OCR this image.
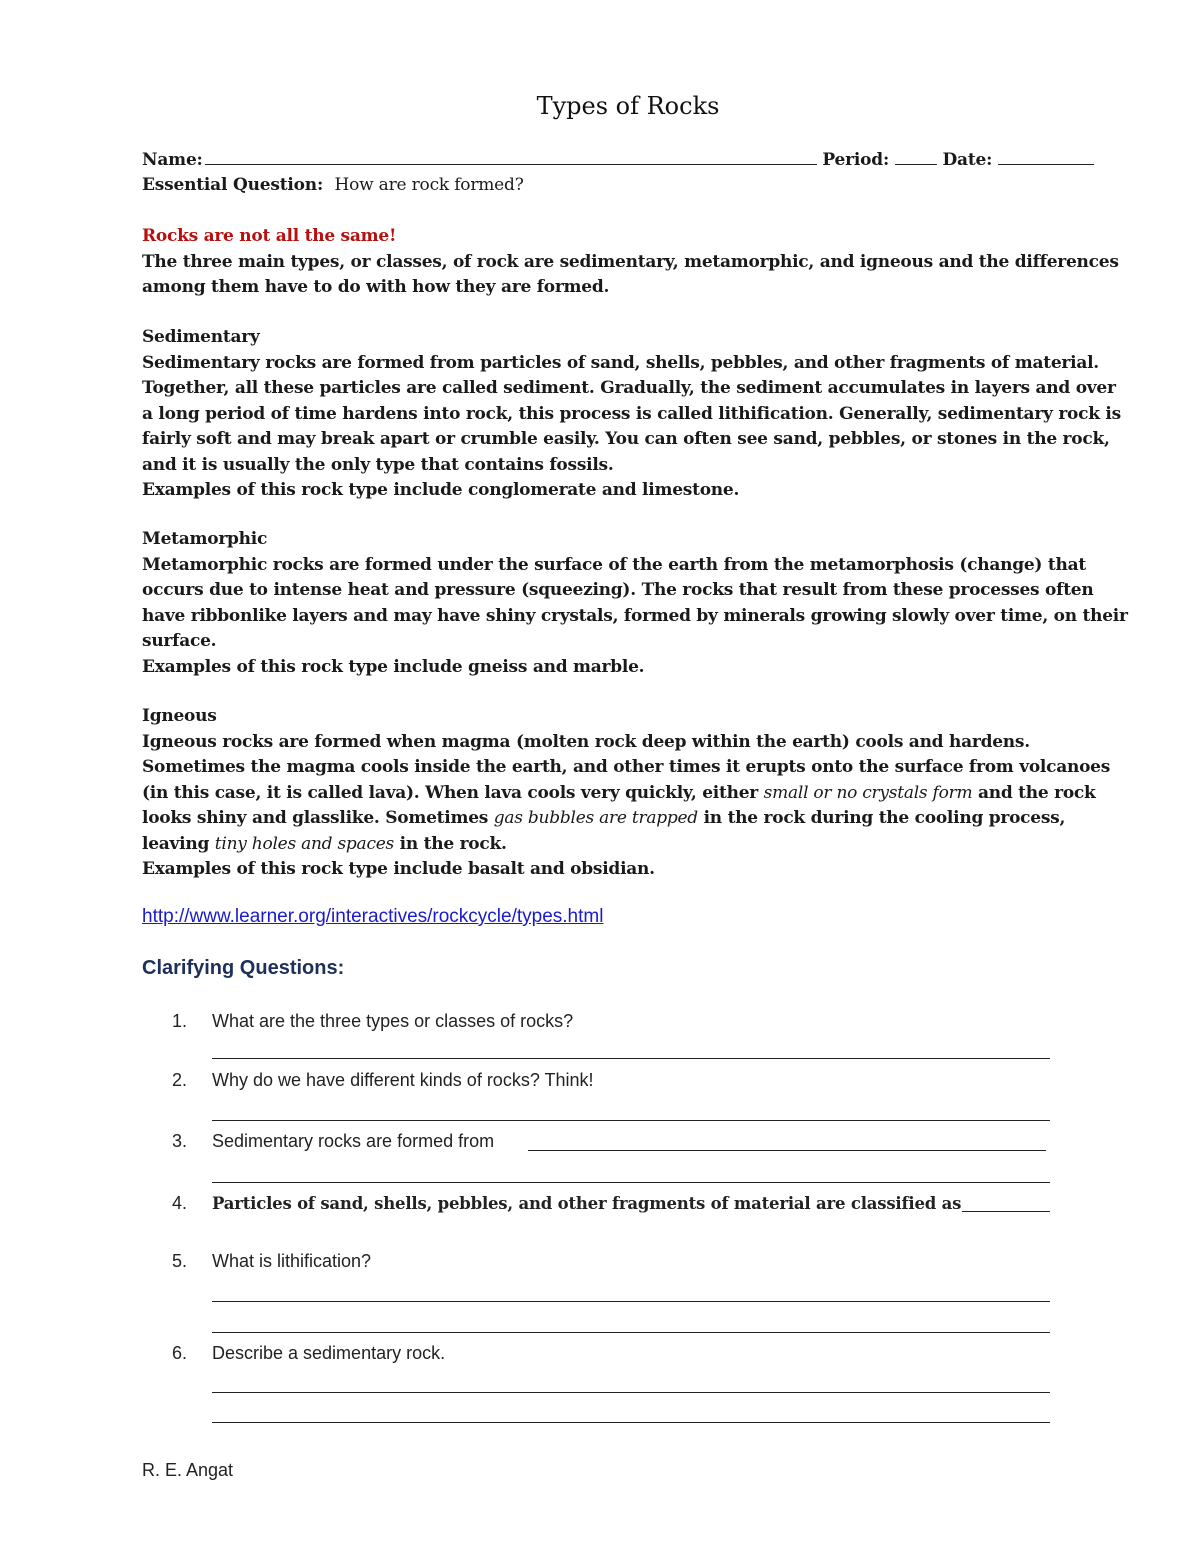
Types of Rocks
Name:	Period:	Date:
Essential Question: How are rock formed?

Rocks are not all the same!

The three main types, or classes, of rock are sedimentary, metamorphic, and igneous and the differences among them have to do with how they are formed.

Sedimentary

Sedimentary rocks are formed from particles of sand, shells, pebbles, and other fragments of material. Together, all these particles are called sediment. Gradually, the sediment accumulates in layers and over a long period of time hardens into rock, this process is called lithification. Generally, sedimentary rock is fairly soft and may break apart or crumble easily. You can often see sand, pebbles, or stones in the rock, and it is usually the only type that contains fossils.

Examples of this rock type include conglomerate and limestone.

Metamorphic

Metamorphic rocks are formed under the surface of the earth from the metamorphosis (change) that occurs due to intense heat and pressure (squeezing). The rocks that result from these processes often have ribbonlike layers and may have shiny crystals, formed by minerals growing slowly over time, on their surface.

Examples of this rock type include gneiss and marble.

Igneous

Igneous rocks are formed when magma (molten rock deep within the earth) cools and hardens. Sometimes the magma cools inside the earth, and other times it erupts onto the surface from volcanoes (in this case, it is called lava). When lava cools very quickly, either small or no crystals form and the rock looks shiny and glasslike. Sometimes gas bubbles are trapped in the rock during the cooling process, leaving tiny holes and spaces in the rock.

Examples of this rock type include basalt and obsidian.

http://www.learner.org/interactives/rockcycle/types.html
Clarifying Questions:
1. What are the three types or classes of rocks?
2. Why do we have different kinds of rocks? Think!
3. Sedimentary rocks are formed from
4. Particles of sand, shells, pebbles, and other fragments of material are classified as
5. What is lithification?
6. Describe a sedimentary rock.
R. E. Angat
